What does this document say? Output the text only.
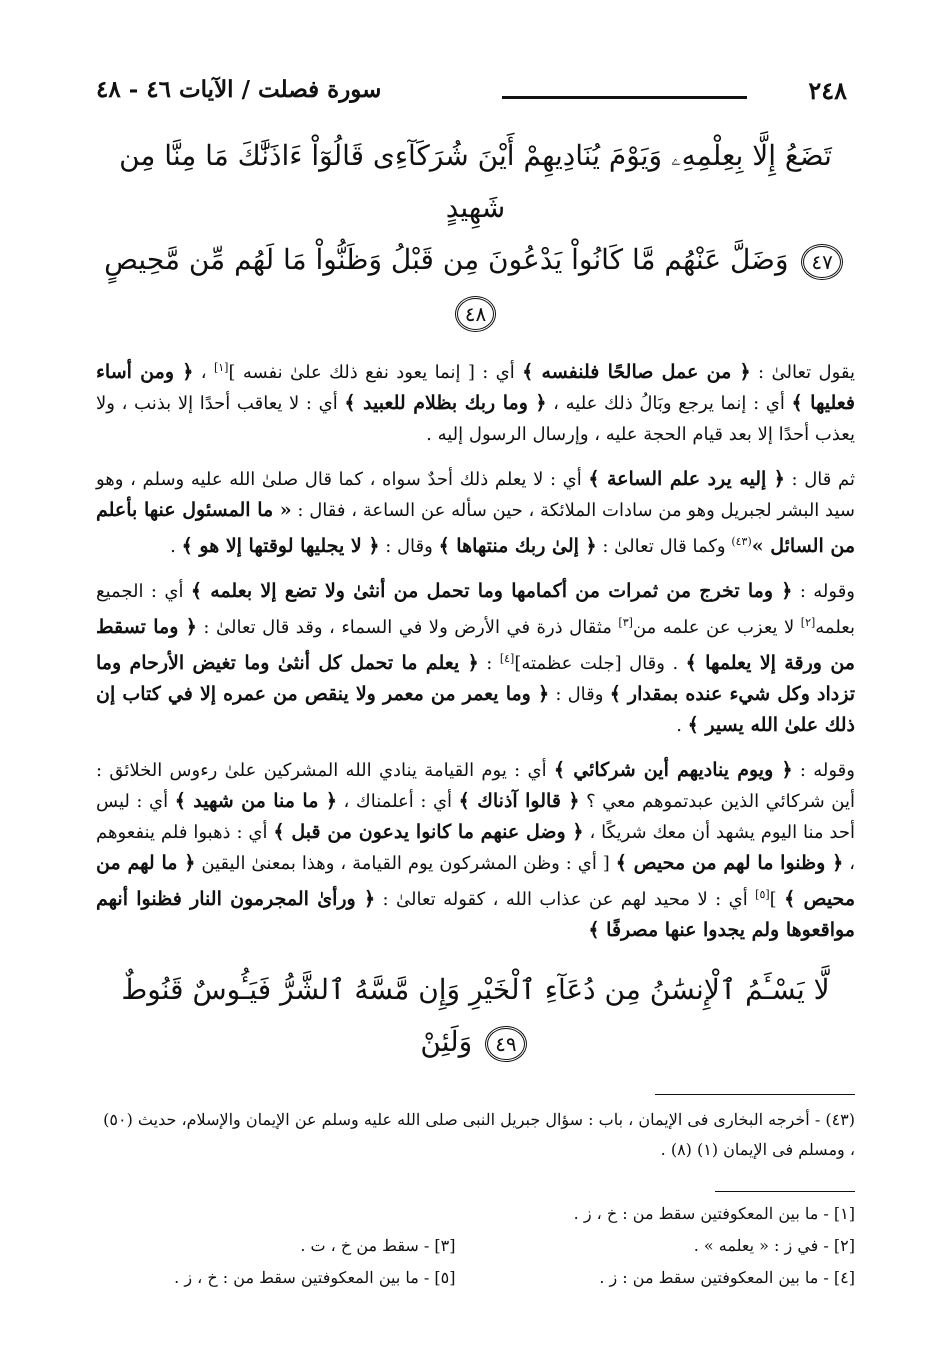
٢٤٨
سورة فصلت / الآيات ٤٦ - ٤٨
تَضَعُ إِلَّا بِعِلْمِهِۦ وَيَوْمَ يُنَادِيهِمْ أَيْنَ شُرَكَآءِى قَالُوٓاْ ءَاذَنَّٰكَ مَا مِنَّا مِن شَهِيدٍ
٤٧ وَضَلَّ عَنْهُم مَّا كَانُواْ يَدْعُونَ مِن قَبْلُ وَظَنُّواْ مَا لَهُم مِّن مَّحِيصٍ ٤٨

يقول تعالىٰ : ﴿ من عمل صالحًا فلنفسه ﴾ أي : [ إنما يعود نفع ذلك علىٰ نفسه ][١] ، ﴿ ومن أساء فعليها ﴾ أي : إنما يرجع وبَالُ ذلك عليه ، ﴿ وما ربك بظلام للعبيد ﴾ أي : لا يعاقب أحدًا إلا بذنب ، ولا يعذب أحدًا إلا بعد قيام الحجة عليه ، وإرسال الرسول إليه .

ثم قال : ﴿ إليه يرد علم الساعة ﴾ أي : لا يعلم ذلك أحدٌ سواه ، كما قال صلىٰ الله عليه وسلم ، وهو سيد البشر لجبريل وهو من سادات الملائكة ، حين سأله عن الساعة ، فقال : « ما المسئول عنها بأعلم من السائل »$^{(٤٣)}$ وكما قال تعالىٰ : ﴿ إلىٰ ربك منتهاها ﴾ وقال : ﴿ لا يجليها لوقتها إلا هو ﴾ .

وقوله : ﴿ وما تخرج من ثمرات من أكمامها وما تحمل من أنثىٰ ولا تضع إلا بعلمه ﴾ أي : الجميع بعلمه[٢] لا يعزب عن علمه من[٣] مثقال ذرة في الأرض ولا في السماء ، وقد قال تعالىٰ : ﴿ وما تسقط من ورقة إلا يعلمها ﴾ . وقال [جلت عظمته][٤] : ﴿ يعلم ما تحمل كل أنثىٰ وما تغيض الأرحام وما تزداد وكل شيء عنده بمقدار ﴾ وقال : ﴿ وما يعمر من معمر ولا ينقص من عمره إلا في كتاب إن ذلك علىٰ الله يسير ﴾ .

وقوله : ﴿ ويوم يناديهم أين شركائي ﴾ أي : يوم القيامة ينادي الله المشركين علىٰ رءوس الخلائق : أين شركائي الذين عبدتموهم معي ؟ ﴿ قالوا آذناك ﴾ أي : أعلمناك ، ﴿ ما منا من شهيد ﴾ أي : ليس أحد منا اليوم يشهد أن معك شريكًا ، ﴿ وضل عنهم ما كانوا يدعون من قبل ﴾ أي : ذهبوا فلم ينفعوهم ، ﴿ وظنوا ما لهم من محيص ﴾ [ أي : وظن المشركون يوم القيامة ، وهذا بمعنىٰ اليقين ﴿ ما لهم من محيص ﴾ ][٥] أي : لا محيد لهم عن عذاب الله ، كقوله تعالىٰ : ﴿ ورأىٰ المجرمون النار فظنوا أنهم مواقعوها ولم يجدوا عنها مصرفًا ﴾

لَّا يَسْـَٔمُ ٱلْإِنسَٰنُ مِن دُعَآءِ ٱلْخَيْرِ وَإِن مَّسَّهُ ٱلشَّرُّ فَيَـُٔوسٌ قَنُوطٌ ٤٩ وَلَئِنْ
(٤٣) - أخرجه البخارى فى الإيمان ، باب : سؤال جبريل النبى صلى الله عليه وسلم عن الإيمان والإسلام، حديث (٥٠) ، ومسلم فى الإيمان (١) (٨) .
[١] - ما بين المعكوفتين سقط من : خ ، ز .
[٢] - في ز : « يعلمه » .
[٣] - سقط من خ ، ت .
[٤] - ما بين المعكوفتين سقط من : ز .
[٥] - ما بين المعكوفتين سقط من : خ ، ز .
